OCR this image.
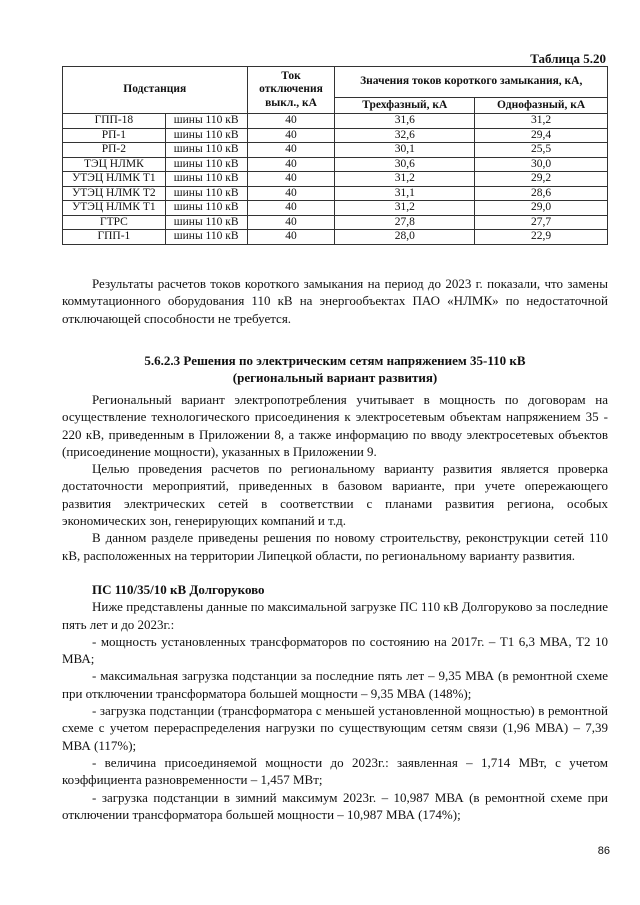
Таблица 5.20
Подстанция		Ток отключения выкл., кА	Значения токов короткого замыкания, кА,	
			Трехфазный, кА	Однофазный, кА
ГПП-18	шины 110 кВ	40	31,6	31,2
РП-1	шины 110 кВ	40	32,6	29,4
РП-2	шины 110 кВ	40	30,1	25,5
ТЭЦ НЛМК	шины 110 кВ	40	30,6	30,0
УТЭЦ НЛМК Т1	шины 110 кВ	40	31,2	29,2
УТЭЦ НЛМК Т2	шины 110 кВ	40	31,1	28,6
УТЭЦ НЛМК Т1	шины 110 кВ	40	31,2	29,0
ГТРС	шины 110 кВ	40	27,8	27,7
ГПП-1	шины 110 кВ	40	28,0	22,9

Результаты расчетов токов короткого замыкания на период до 2023 г. показали, что замены коммутационного оборудования 110 кВ на энергообъектах ПАО «НЛМК» по недостаточной отключающей способности не требуется.

5.6.2.3 Решения по электрическим сетям напряжением 35-110 кВ
(региональный вариант развития)

Региональный вариант электропотребления учитывает в мощность по договорам на осуществление технологического присоединения к электросетевым объектам напряжением 35 - 220 кВ, приведенным в Приложении 8, а также информацию по вводу электросетевых объектов (присоединение мощности), указанных в Приложении 9.

Целью проведения расчетов по региональному варианту развития является проверка достаточности мероприятий, приведенных в базовом варианте, при учете опережающего развития электрических сетей в соответствии с планами развития региона, особых экономических зон, генерирующих компаний и т.д.

В данном разделе приведены решения по новому строительству, реконструкции сетей 110 кВ, расположенных на территории Липецкой области, по региональному варианту развития.

ПС 110/35/10 кВ Долгоруково

Ниже представлены данные по максимальной загрузке ПС 110 кВ Долгоруково за последние пять лет и до 2023г.:

- мощность установленных трансформаторов по состоянию на 2017г. – Т1 6,3 МВА, Т2 10 МВА;

- максимальная загрузка подстанции за последние пять лет – 9,35 МВА (в ремонтной схеме при отключении трансформатора большей мощности – 9,35 МВА (148%);

- загрузка подстанции (трансформатора с меньшей установленной мощностью) в ремонтной схеме с учетом перераспределения нагрузки по существующим сетям связи (1,96 МВА) – 7,39 МВА (117%);

- величина присоединяемой мощности до 2023г.: заявленная – 1,714 МВт, с учетом коэффициента разновременности – 1,457 МВт;

- загрузка подстанции в зимний максимум 2023г. – 10,987 МВА (в ремонтной схеме при отключении трансформатора большей мощности – 10,987 МВА (174%);

86
